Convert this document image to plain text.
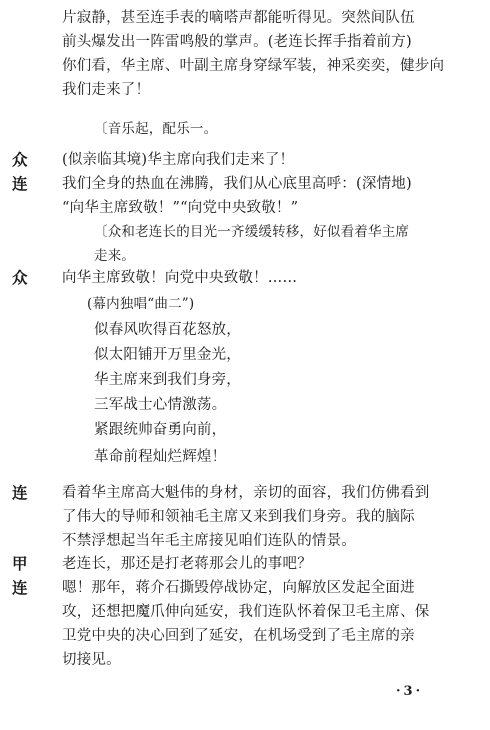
众
连
众
连
甲
连
片寂静，甚至连手表的嘀嗒声都能听得见。突然间队伍
前头爆发出一阵雷鸣般的掌声。(老连长挥手指着前方)
你们看，华主席、叶副主席身穿绿军装，神采奕奕，健步向
我们走来了！
〔音乐起，配乐一。
(似亲临其境)华主席向我们走来了！
我们全身的热血在沸腾，我们从心底里高呼：(深情地)
“向华主席致敬！”“向党中央致敬！”
〔众和老连长的目光一齐缓缓转移，好似看着华主席
走来。
向华主席致敬！向党中央致敬！……
(幕内独唱“曲二”)
似春风吹得百花怒放，
似太阳铺开万里金光，
华主席来到我们身旁，
三军战士心情激荡。
紧跟统帅奋勇向前，
革命前程灿烂辉煌！
看着华主席高大魁伟的身材，亲切的面容，我们仿佛看到
了伟大的导师和领袖毛主席又来到我们身旁。我的脑际
不禁浮想起当年毛主席接见咱们连队的情景。
老连长，那还是打老蒋那会儿的事吧？
嗯！那年，蒋介石撕毁停战协定，向解放区发起全面进
攻，还想把魔爪伸向延安，我们连队怀着保卫毛主席、保
卫党中央的决心回到了延安，在机场受到了毛主席的亲
切接见。
·3·
